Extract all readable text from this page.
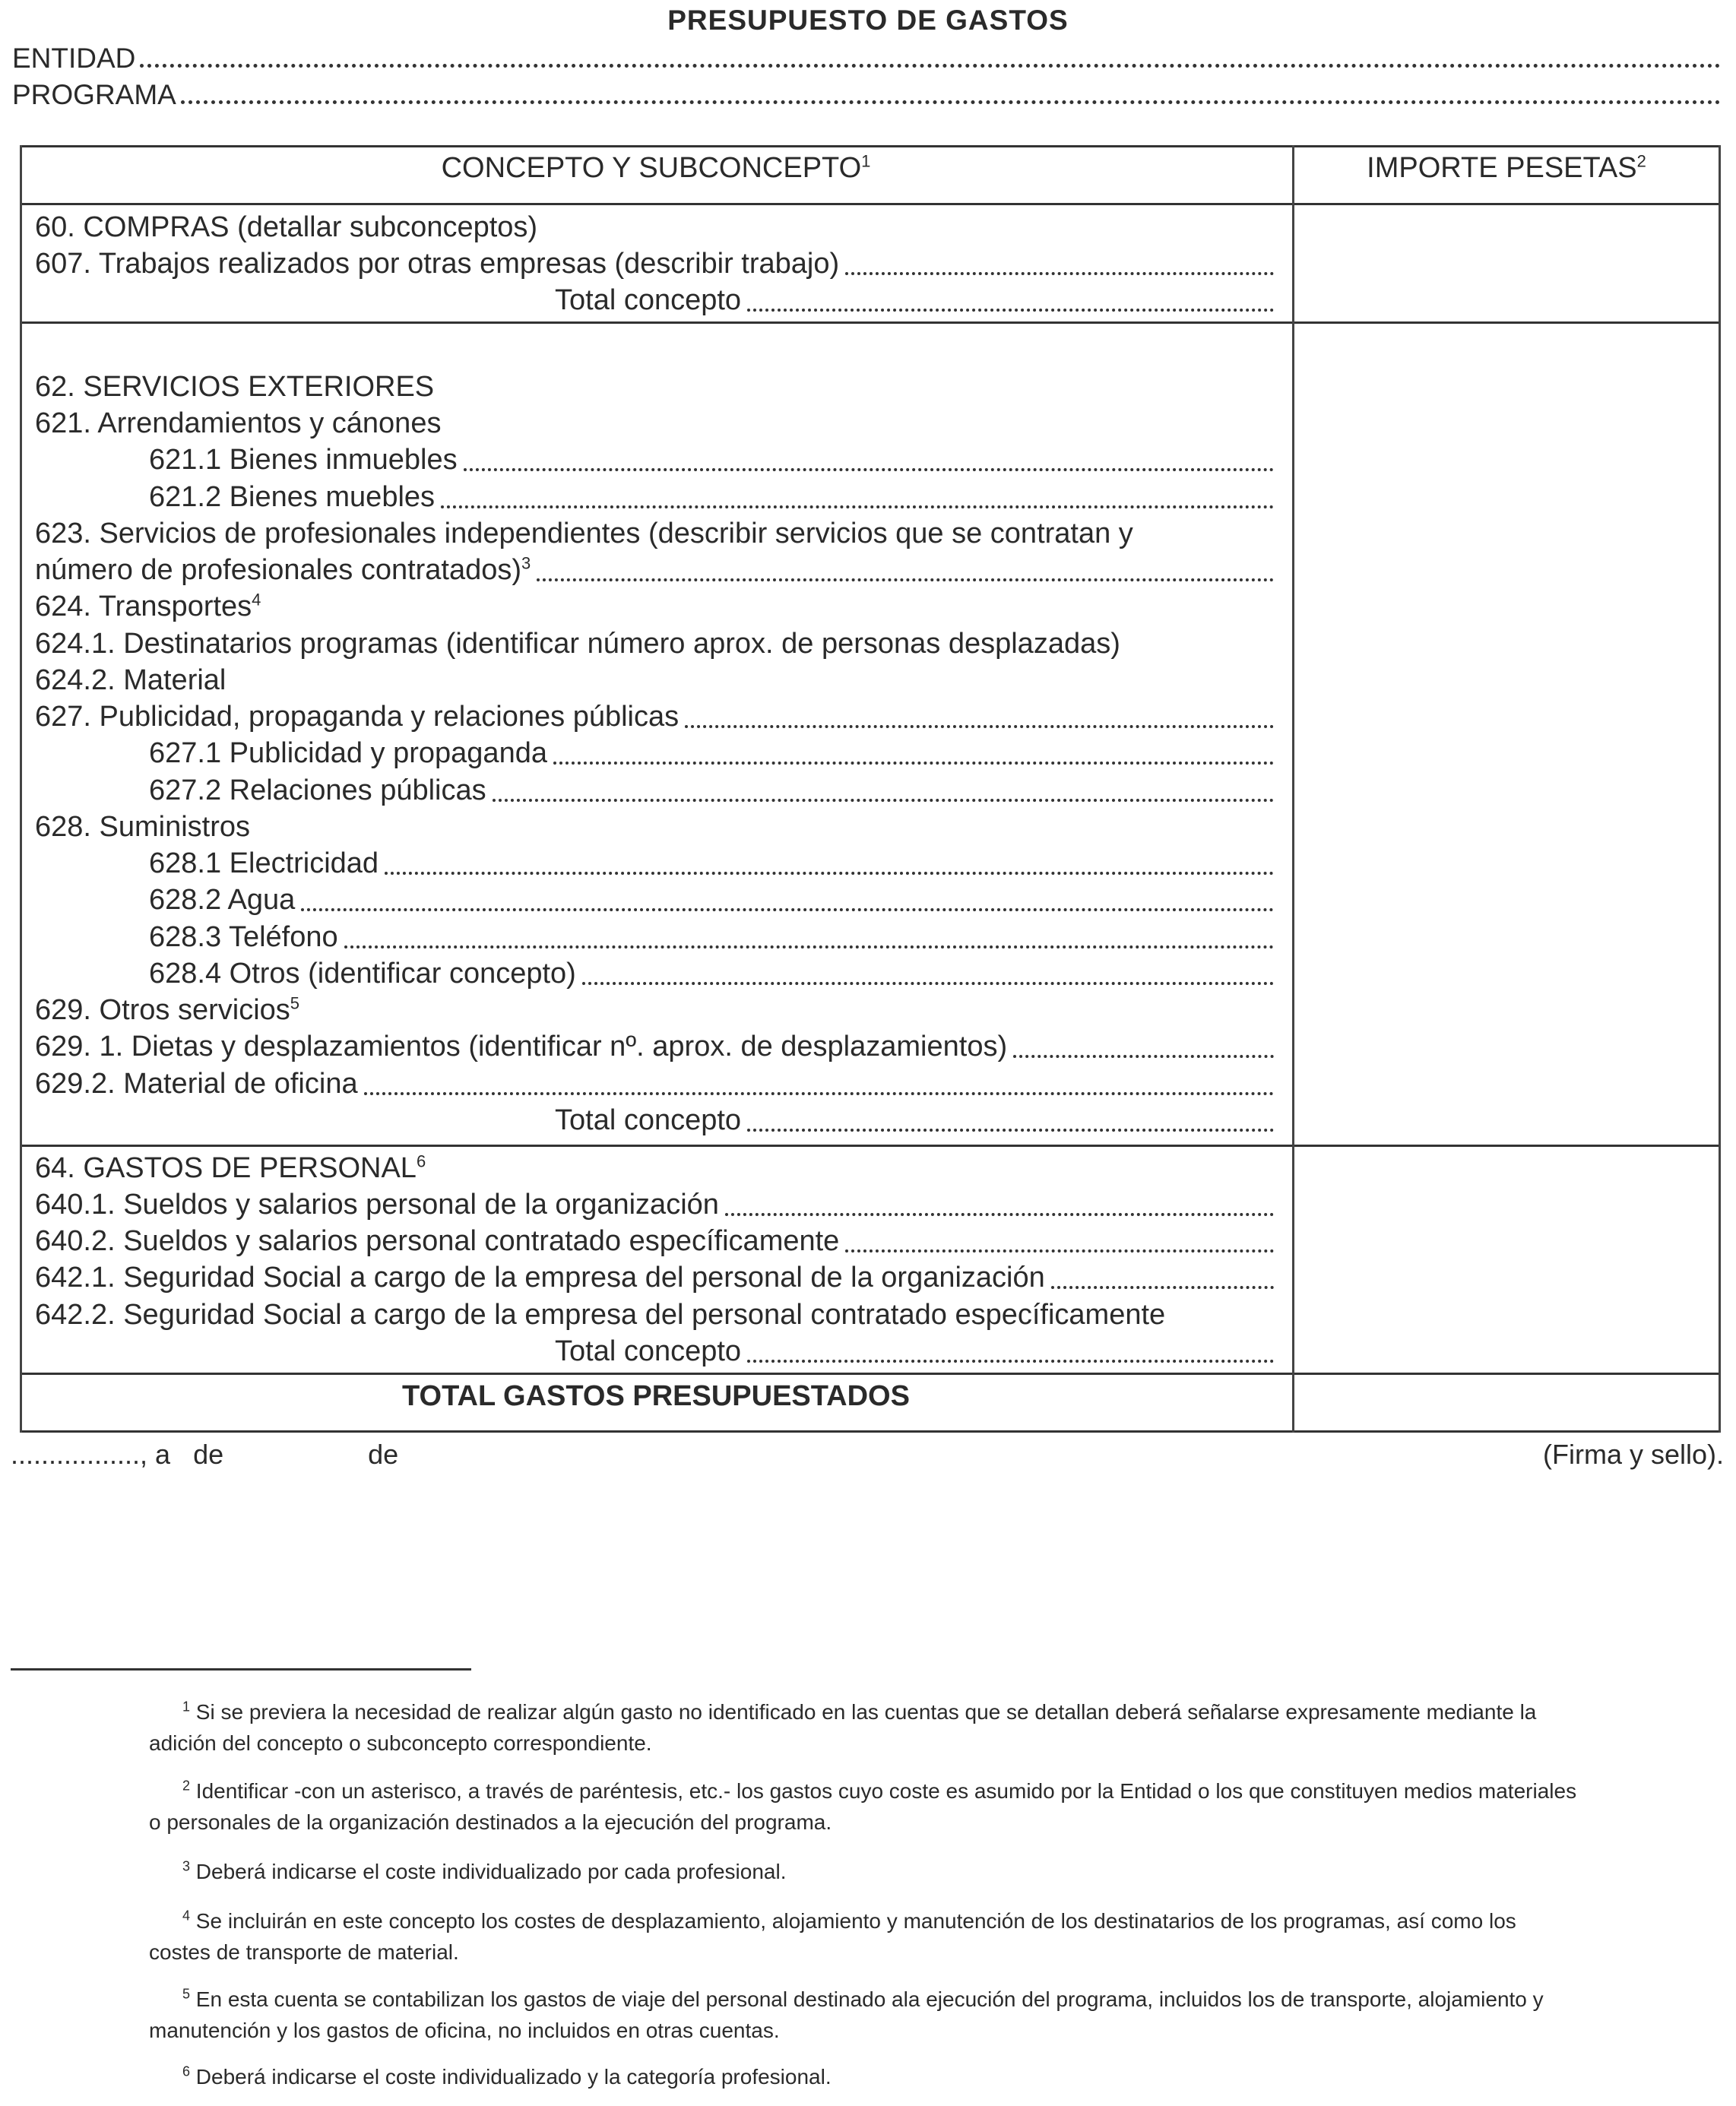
PRESUPUESTO DE GASTOS
ENTIDAD
PROGRAMA
CONCEPTO Y SUBCONCEPTO$^1$	IMPORTE PESETAS$^2$
60. COMPRAS (detallar subconceptos)
607. Trabajos realizados por otras empresas (describir trabajo)
Total concepto
62. SERVICIOS EXTERIORES
621. Arrendamientos y cánones
621.1 Bienes inmuebles
621.2 Bienes muebles
623. Servicios de profesionales independientes (describir servicios que se contratan y
número de profesionales contratados)$^3$
624. Transportes$^4$
624.1. Destinatarios programas (identificar número aprox. de personas desplazadas)
624.2. Material
627. Publicidad, propaganda y relaciones públicas
627.1 Publicidad y propaganda
627.2 Relaciones públicas
628. Suministros
628.1 Electricidad
628.2 Agua
628.3 Teléfono
628.4 Otros (identificar concepto)
629. Otros servicios$^5$
629. 1. Dietas y desplazamientos (identificar nº. aprox. de desplazamientos)
629.2. Material de oficina
Total concepto
64. GASTOS DE PERSONAL$^6$
640.1. Sueldos y salarios personal de la organización
640.2. Sueldos y salarios personal contratado específicamente
642.1. Seguridad Social a cargo de la empresa del personal de la organización
642.2. Seguridad Social a cargo de la empresa del personal contratado específicamente
Total concepto
TOTAL GASTOS PRESUPUESTADOS
................., a   de                   de	(Firma y sello).

$^1$ Si se previera la necesidad de realizar algún gasto no identificado en las cuentas que se detallan deberá señalarse expresamente mediante la adición del concepto o subconcepto correspondiente.

$^2$ Identificar -con un asterisco, a través de paréntesis, etc.- los gastos cuyo coste es asumido por la Entidad o los que constituyen medios materiales o personales de la organización destinados a la ejecución del programa.

$^3$ Deberá indicarse el coste individualizado por cada profesional.

$^4$ Se incluirán en este concepto los costes de desplazamiento, alojamiento y manutención de los destinatarios de los programas, así como los costes de transporte de material.

$^5$ En esta cuenta se contabilizan los gastos de viaje del personal destinado ala ejecución del programa, incluidos los de transporte, alojamiento y manutención y los gastos de oficina, no incluidos en otras cuentas.

$^6$ Deberá indicarse el coste individualizado y la categoría profesional.
